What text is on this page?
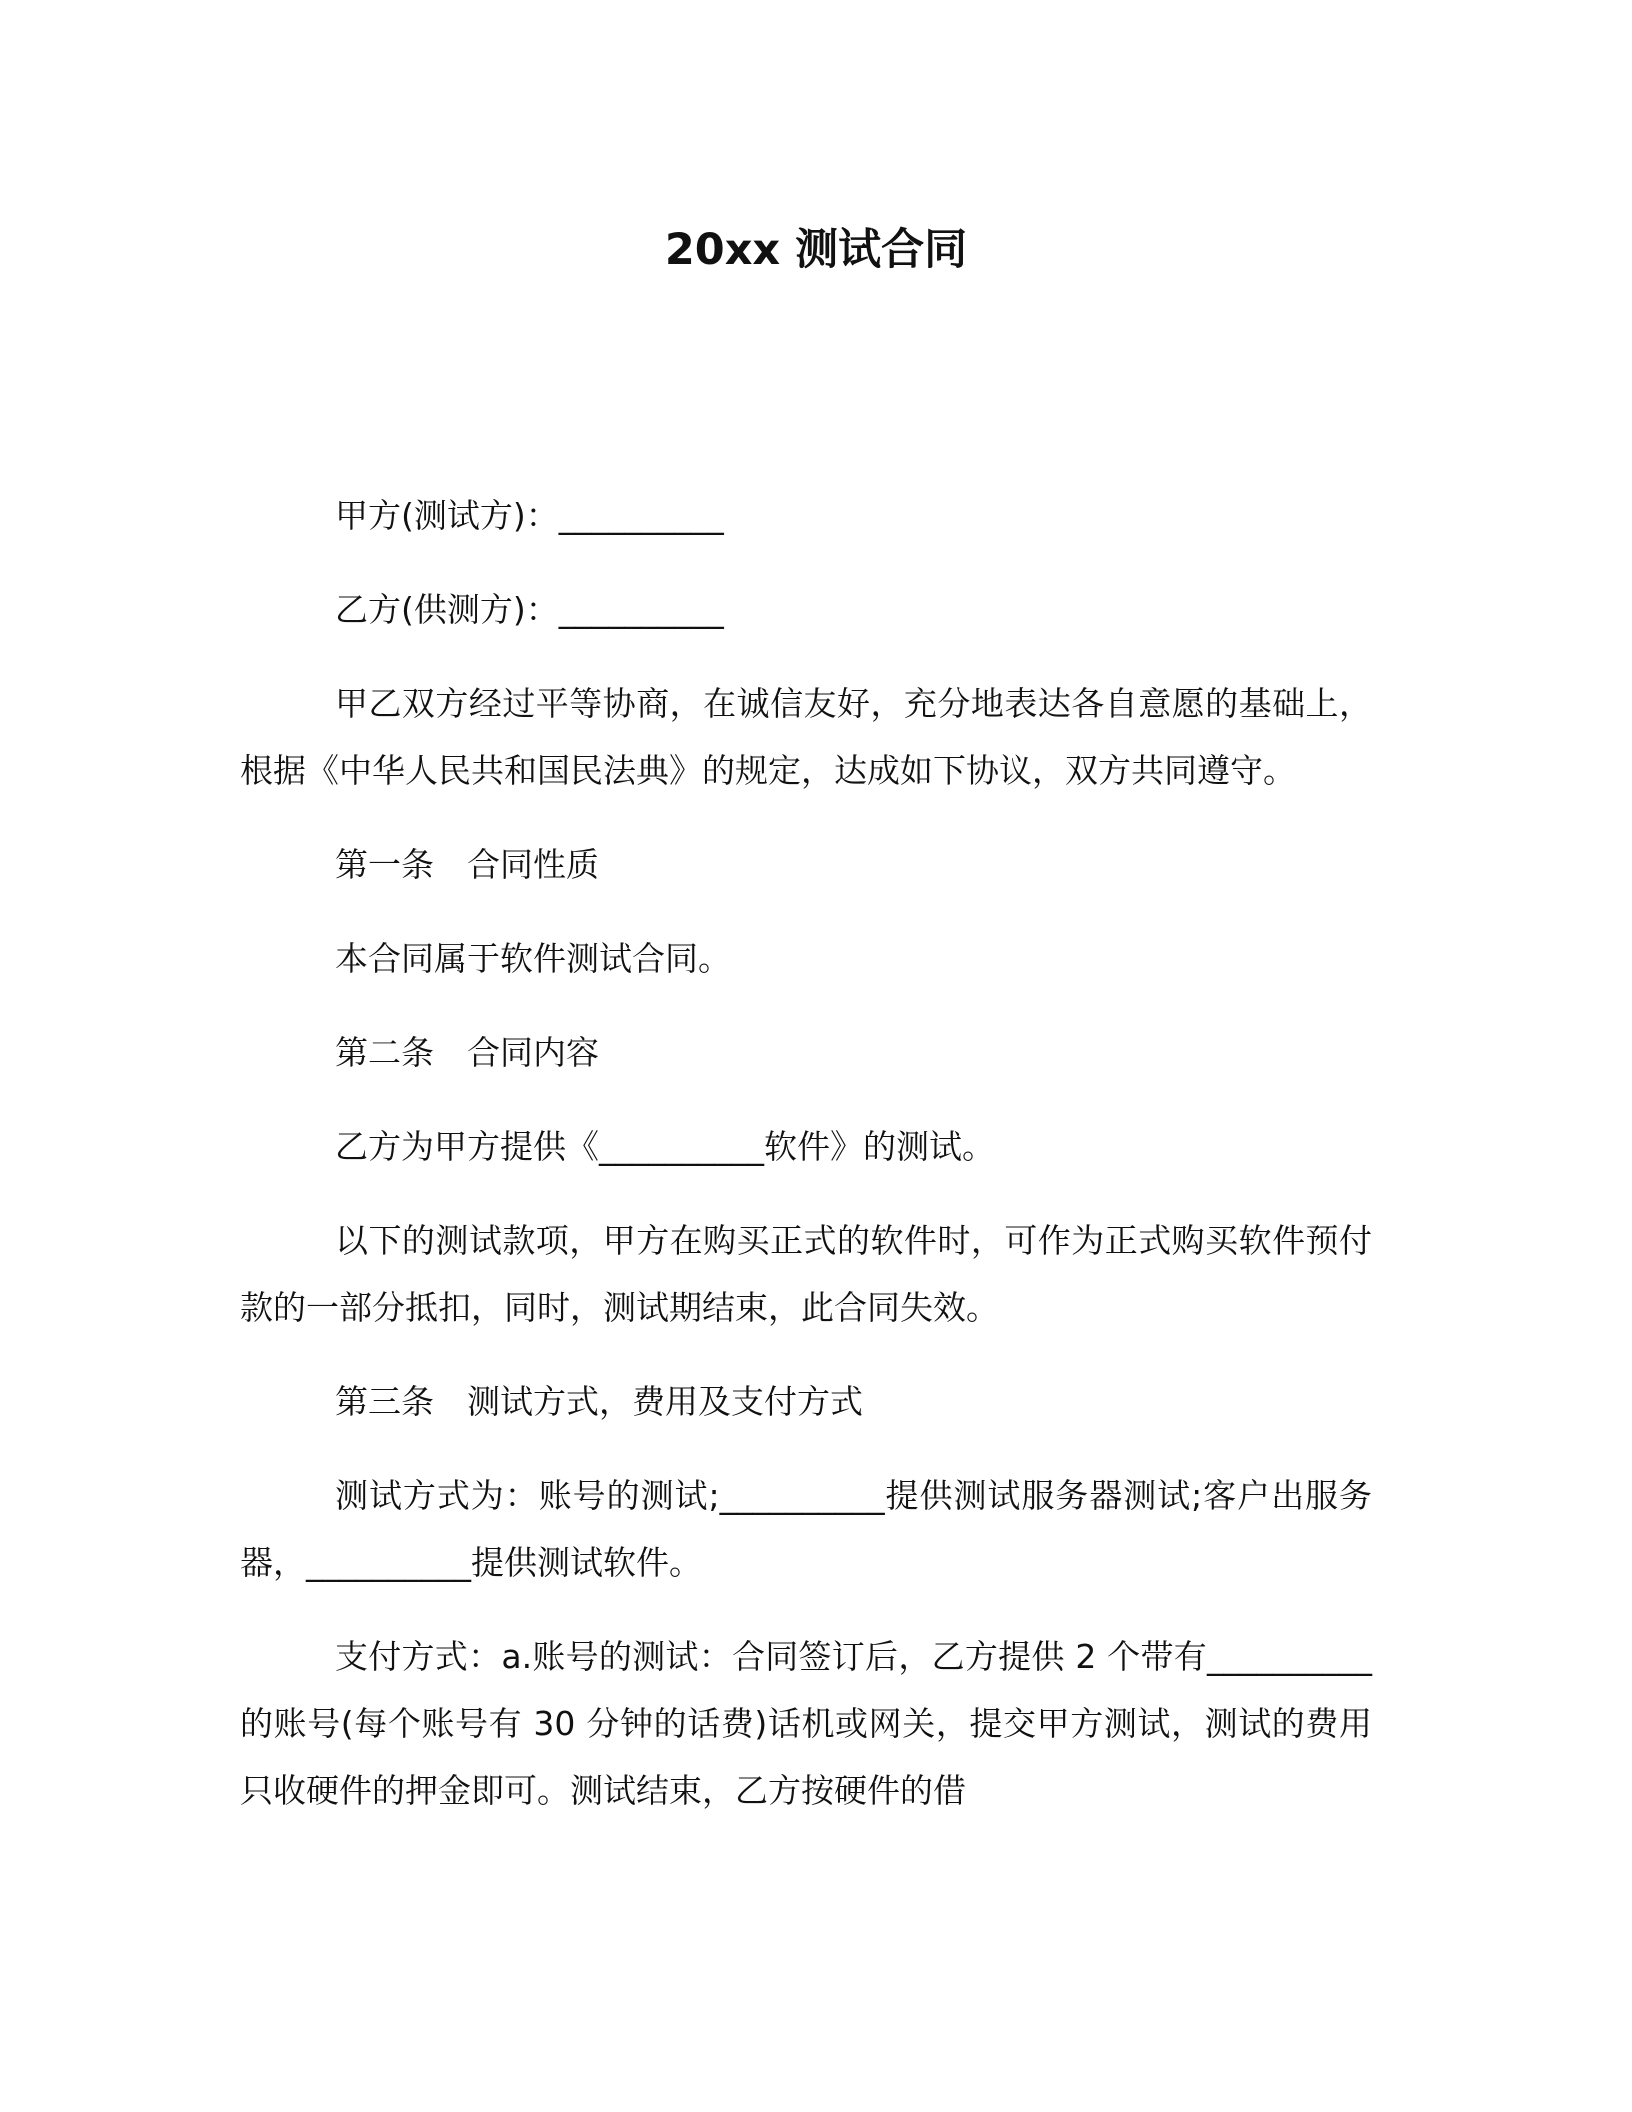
20xx 测试合同

甲方(测试方)：__________

乙方(供测方)：__________

甲乙双方经过平等协商，在诚信友好，充分地表达各自意愿的基础上，根据《中华人民共和国民法典》的规定，达成如下协议，双方共同遵守。

第一条　合同性质

本合同属于软件测试合同。

第二条　合同内容

乙方为甲方提供《__________软件》的测试。

以下的测试款项，甲方在购买正式的软件时，可作为正式购买软件预付款的一部分抵扣，同时，测试期结束，此合同失效。

第三条　测试方式，费用及支付方式

测试方式为：账号的测试;__________提供测试服务器测试;客户出服务器，__________提供测试软件。

支付方式：a.账号的测试：合同签订后，乙方提供 2 个带有__________的账号(每个账号有 30 分钟的话费)话机或网关，提交甲方测试，测试的费用只收硬件的押金即可。测试结束，乙方按硬件的借
